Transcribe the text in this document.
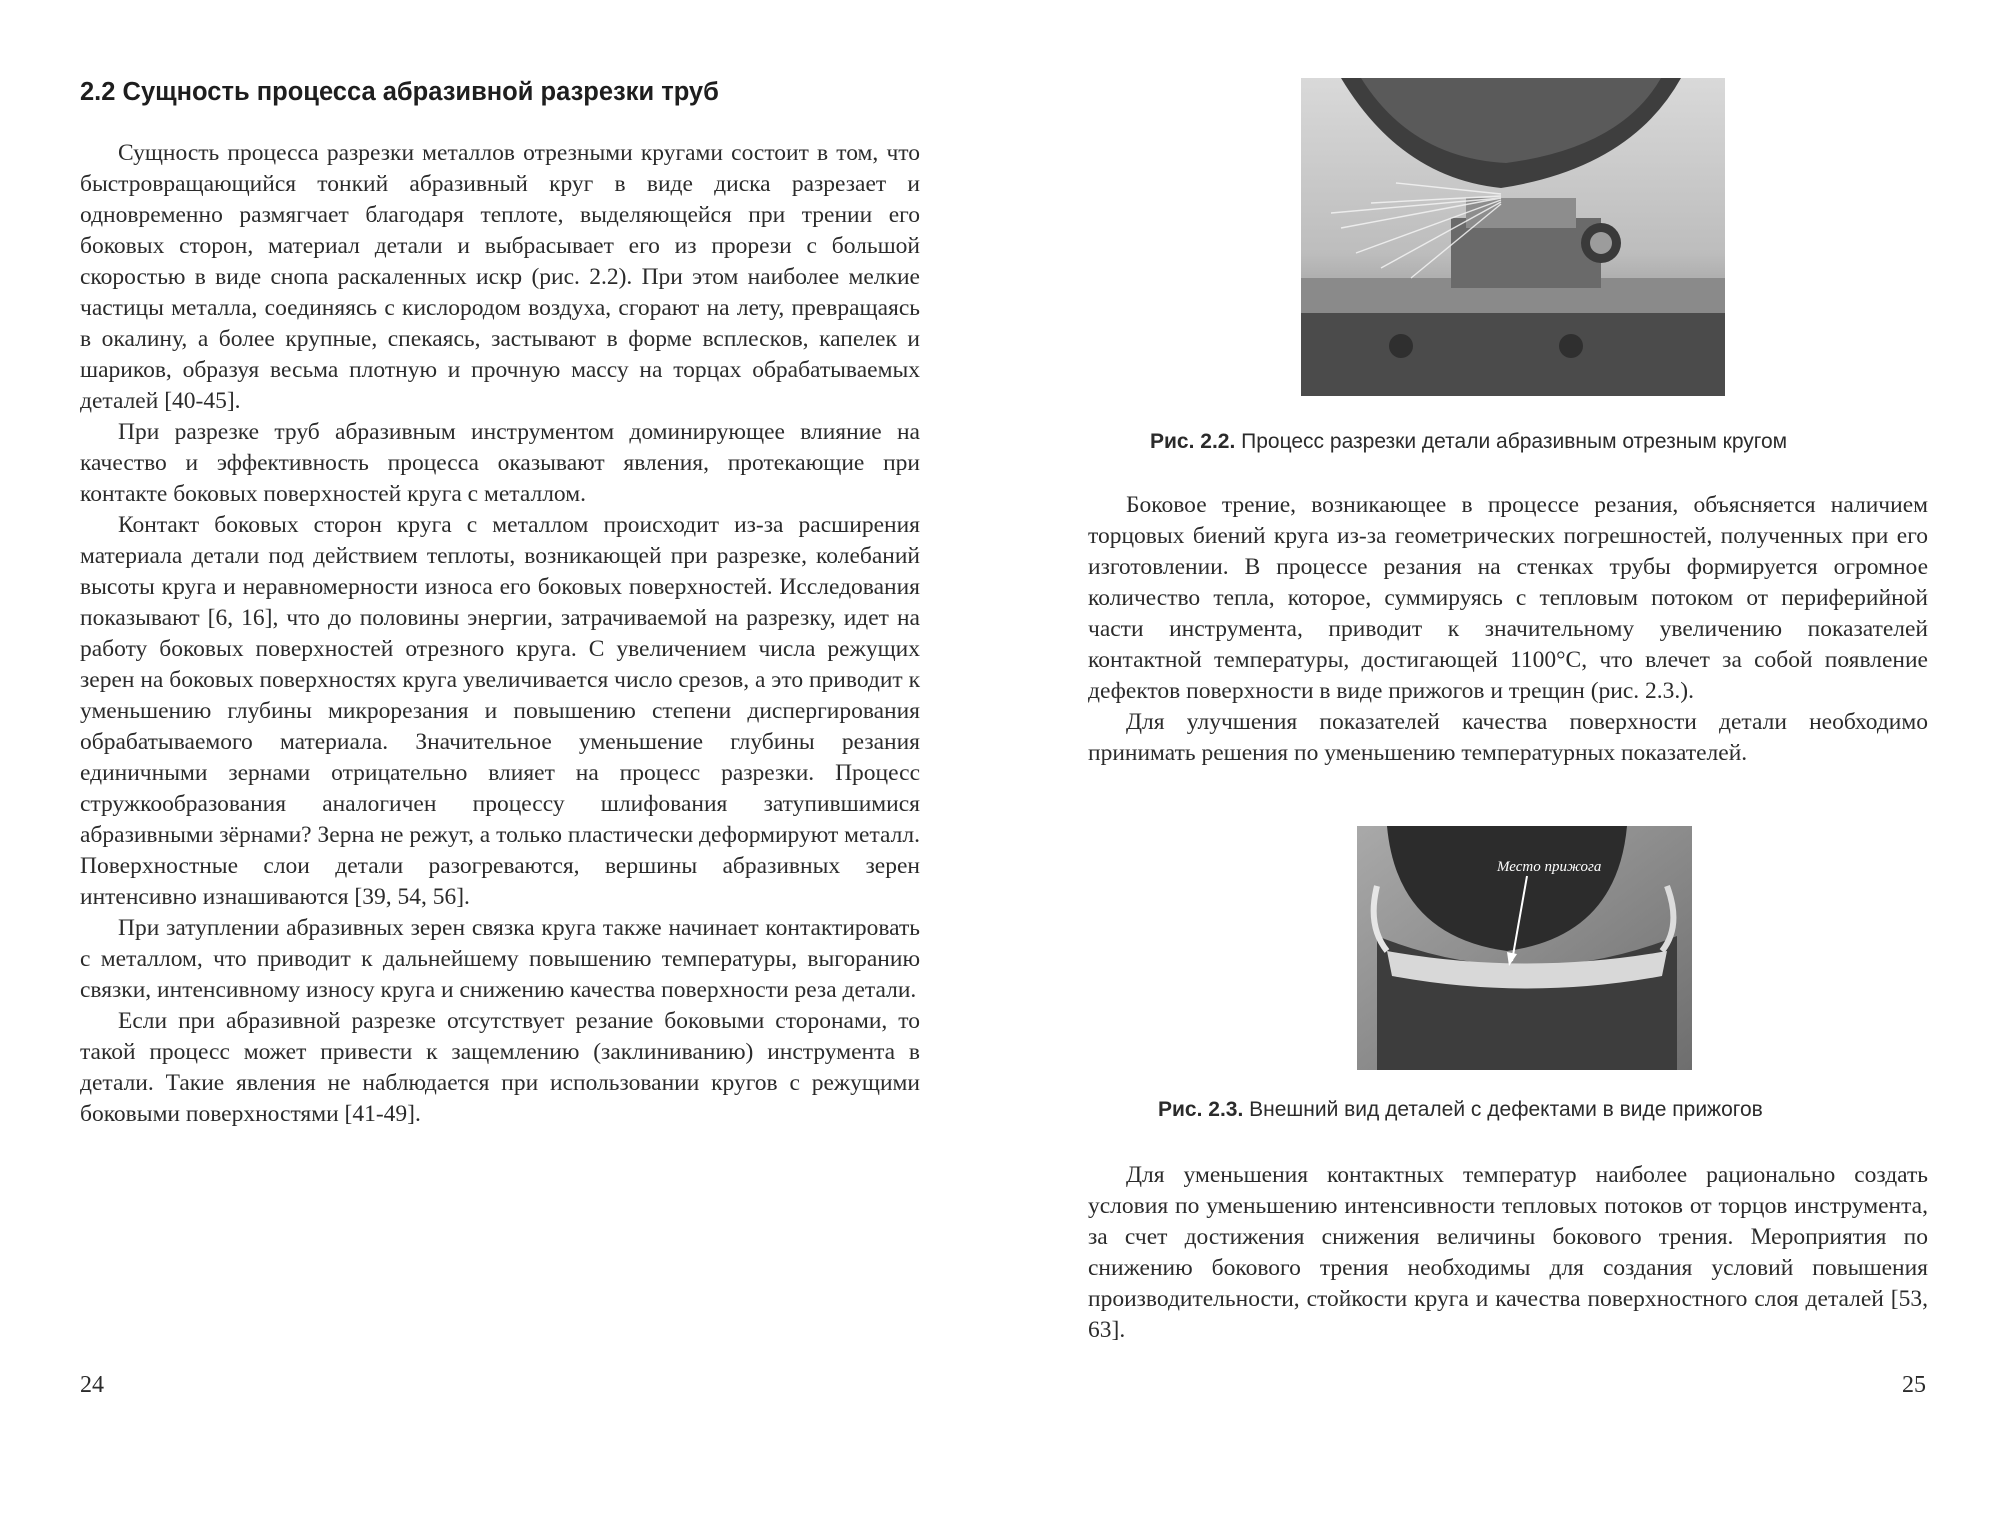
2.2 Сущность процесса абразивной разрезки труб

Сущность процесса разрезки металлов отрезными кругами состоит в том, что быстровращающийся тонкий абразивный круг в виде диска разрезает и одновременно размягчает благодаря теплоте, выделяющейся при трении его боковых сторон, материал детали и выбрасывает его из прорези с большой скоростью в виде снопа раскаленных искр (рис. 2.2). При этом наиболее мелкие частицы металла, соединяясь с кислородом воздуха, сгорают на лету, превращаясь в окалину, а более крупные, спекаясь, застывают в форме всплесков, капелек и шариков, образуя весьма плотную и прочную массу на торцах обрабатываемых деталей [40-45].

При разрезке труб абразивным инструментом доминирующее влияние на качество и эффективность процесса оказывают явления, протекающие при контакте боковых поверхностей круга с металлом.

Контакт боковых сторон круга с металлом происходит из-за расширения материала детали под действием теплоты, возникающей при разрезке, колебаний высоты круга и неравномерности износа его боковых поверхностей. Исследования показывают [6, 16], что до половины энергии, затрачиваемой на разрезку, идет на работу боковых поверхностей отрезного круга. С увеличением числа режущих зерен на боковых поверхностях круга увеличивается число срезов, а это приводит к уменьшению глубины микрорезания и повышению степени диспергирования обрабатываемого материала. Значительное уменьшение глубины резания единичными зернами отрицательно влияет на процесс разрезки. Процесс стружкообразования аналогичен процессу шлифования затупившимися абразивными зёрнами? Зерна не режут, а только пластически деформируют металл. Поверхностные слои детали разогреваются, вершины абразивных зерен интенсивно изнашиваются [39, 54, 56].

При затуплении абразивных зерен связка круга также начинает контактировать с металлом, что приводит к дальнейшему повышению температуры, выгоранию связки, интенсивному износу круга и снижению качества поверхности реза детали.

Если при абразивной разрезке отсутствует резание боковыми сторонами, то такой процесс может привести к защемлению (заклиниванию) инструмента в детали. Такие явления не наблюдается при использовании кругов с режущими боковыми поверхностями [41-49].

24

Рис. 2.2. Процесс разрезки детали абразивным отрезным кругом

Боковое трение, возникающее в процессе резания, объясняется наличием торцовых биений круга из-за геометрических погрешностей, полученных при его изготовлении. В процессе резания на стенках трубы формируется огромное количество тепла, которое, суммируясь с тепловым потоком от периферийной части инструмента, приводит к значительному увеличению показателей контактной температуры, достигающей 1100°C, что влечет за собой появление дефектов поверхности в виде прижогов и трещин (рис. 2.3.).

Для улучшения показателей качества поверхности детали необходимо принимать решения по уменьшению температурных показателей.

Место прижога

Рис. 2.3. Внешний вид деталей с дефектами в виде прижогов

Для уменьшения контактных температур наиболее рационально создать условия по уменьшению интенсивности тепловых потоков от торцов инструмента, за счет достижения снижения величины бокового трения. Мероприятия по снижению бокового трения необходимы для создания условий повышения производительности, стойкости круга и качества поверхностного слоя деталей [53, 63].

25
